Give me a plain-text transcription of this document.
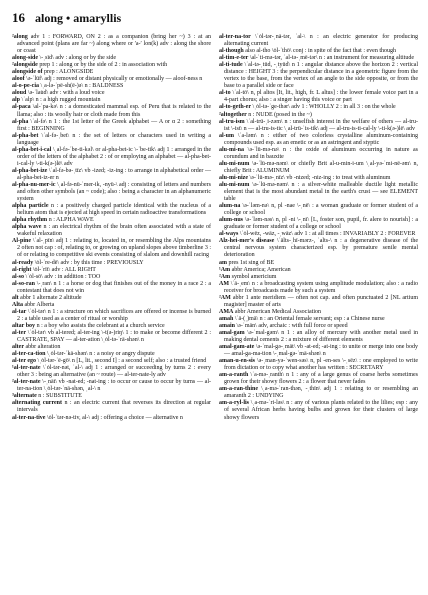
16 along • amaryllis

²along adv 1 : FORWARD, ON 2 : as a companion (bring her ~) 3 : at an advanced point (plans are far ~) along where or ʹa-ʹ lon(k) adv : along the shore or coast

along-side \-ˌsīd\ adv : along or by the side

²alongside prep 1 : along or by the side of 2 : in association with

alongside of prep : ALONGSIDE

aloof \ə-ˈlüf\ adj : removed or distant physically or emotionally — aloof-ness n

al-o-pe-cia \ˌa-lə-ˈpē-sh(ē-)ə\ n : BALDNESS

aloud \ə-ˈlau̇d\ adv : with a loud voice

alp \ˈalp\ n : a high rugged mountain

al-paca \al-ˈpa-kə\ n : a domesticated mammal esp. of Peru that is related to the llama; also : its woolly hair or cloth made from this

al-pha \ˈal-fə\ n 1 : the 1st letter of the Greek alphabet — A or α 2 : something first : BEGINNING

al-pha-bet \ˈal-fə-ˌbet\ n : the set of letters or characters used in writing a language

al-pha-bet-i-cal \ˌal-fə-ˈbe-ti-kəl\ or al-pha-bet-ic \-ˈbe-tik\ adj 1 : arranged in the order of the letters of the alphabet 2 : of or employing an alphabet — al-pha-bet-i-cal-ly \-ti-k(ə-)lē\ adv

al-pha-bet-ize \ˈal-fə-bə-ˌtīz\ vb -ized; -iz-ing : to arrange in alphabetical order — al-pha-bet-iz-er n

al-pha-nu-mer-ic \ˌal-fə-nü-ˈmer-ik, -nyü-\ adj : consisting of letters and numbers and often other symbols (an ~ code); also : being a character in an alphanumeric system

alpha particle n : a positively charged particle identical with the nucleus of a helium atom that is ejected at high speed in certain radioactive transformations

alpha rhythm n : ALPHA WAVE

alpha wave n : an electrical rhythm of the brain often associated with a state of wakeful relaxation

Al-pine \ˈal-ˌpīn\ adj 1 : relating to, located in, or resembling the Alps mountains 2 often not cap : of, relating to, or growing on upland slopes above timberline 3 : of or relating to competitive ski events consisting of slalom and downhill racing

al-ready \ȯl-ˈre-dē\ adv : by this time : PREVIOUSLY

al-right \ȯl-ˈrīt\ adv : ALL RIGHT

al-so \ˈȯl-sō\ adv : in addition : TOO

al-so-ran \-ˌran\ n 1 : a horse or dog that finishes out of the money in a race 2 : a contestant that does not win

alt abbr 1 alternate 2 altitude

Alta abbr Alberta

al-tar \ˈȯl-tər\ n 1 : a structure on which sacrifices are offered or incense is burned 2 : a table used as a center of ritual or worship

altar boy n : a boy who assists the celebrant at a church service

al-ter \ˈȯl-tər\ vb al-tered; al-ter-ing \-t(ə-)riŋ\ 1 : to make or become different 2 : CASTRATE, SPAY — al-ter-ation \ˌȯl-tə-ˈrā-shən\ n

alter abbr alteration

al-ter-ca-tion \ˌȯl-tər-ˈkā-shən\ n : a noisy or angry dispute

al-ter ego \ˌȯl-tər-ˈē-gō\ n [L, lit., second I] : a second self; also : a trusted friend

¹al-ter-nate \ˈȯl-tər-nət, ˈal-\ adj 1 : arranged or succeeding by turns 2 : every other 3 : being an alternative (an ~ route) — al-ter-nate-ly adv

²al-ter-nate \-ˌnāt\ vb -nat-ed; -nat-ing : to occur or cause to occur by turns — al-ter-na-tion \ˌȯl-tər-ˈnā-shən, ˌal-\ n

³alternate n : SUBSTITUTE

alternating current n : an electric current that reverses its direction at regular intervals

al-ter-na-tive \ȯl-ˈtər-nə-tiv, al-\ adj : offering a choice — alternative n

al-ter-na-tor \ˈȯl-tər-ˌnā-tər, ˈal-\ n : an electric generator for producing alternating current

al-though also al-tho \ȯl-ˈthō\ conj : in spite of the fact that : even though

al-tim-e-ter \al-ˈti-mə-tər, ˈal-tə-ˌmē-tər\ n : an instrument for measuring altitude

al-ti-tude \ˈal-tə-ˌtüd, -ˌtyüd\ n 1 : angular distance above the horizon 2 : vertical distance : HEIGHT 3 : the perpendicular distance in a geometric figure from the vertex to the base, from the vertex of an angle to the side opposite, or from the base to a parallel side or face

al-to \ˈal-tō\ n, pl altos [It, lit., high, fr. L altus] : the lower female voice part in a 4-part chorus; also : a singer having this voice or part

al-to-geth-er \ˌȯl-tə-ˈge-thər\ adv 1 : WHOLLY 2 : in all 3 : on the whole

²altogether n : NUDE (posed in the ~)

al-tru-ism \ˈal-trü-ˌi-zəm\ n : unselfish interest in the welfare of others — al-tru-ist \-ist\ n — al-tru-is-tic \ˌal-trü-ˈis-tik\ adj — al-tru-is-ti-cal-ly \-ti-k(ə-)lē\ adv

al-um \ˈa-ləm\ n : either of two colorless crystalline aluminum-containing compounds used esp. as an emetic or as an astringent and styptic

alu-mi-na \ə-ˈlü-mə-nə\ n : the oxide of aluminum occurring in nature as corundum and in bauxite

alu-mi-num \ə-ˈlü-mə-nəm\ or chiefly Brit al-u-min-i-um \ˌal-yə-ˈmi-nē-əm\ n, chiefly Brit : ALUMINUM

alu-mi-nize \ə-ˈlü-mə-ˌnīz\ vb -nized; -niz-ing : to treat with aluminum

alu-mi-num \ə-ˈlü-mə-nəm\ n : a silver-white malleable ductile light metallic element that is the most abundant metal in the earth's crust — see ELEMENT table

alum-na \ə-ˈləm-nə\ n, pl -nae \-ˌnē\ : a woman graduate or former student of a college or school

alum-nus \ə-ˈləm-nəs\ n, pl -ni \-ˌnī\ [L, foster son, pupil, fr. alere to nourish] : a graduate or former student of a college or school

al-ways \ˈȯl-wēz, -wāz, -ˌwāz\ adv 1 : at all times : INVARIABLY 2 : FOREVER

Alz-hei-mer's disease \ˈälts-ˌhī-mərz-, ˈalts-\ n : a degenerative disease of the central nervous system characterized esp. by premature senile mental deterioration

am pres 1st sing of BE

¹Am abbr America; American

²Am symbol americium

AM \ˈā-ˌem\ n : a broadcasting system using amplitude modulation; also : a radio receiver for broadcasts made by such a system

²AM abbr 1 ante meridiem — often not cap. and often punctuated 2 [NL artium magister] master of arts

AMA abbr American Medical Association

amah \ˈä-(ˌ)mä\ n : an Oriental female servant; esp : a Chinese nurse

amain \ə-ˈmān\ adv, archaic : with full force or speed

amal-gam \ə-ˈmal-gəm\ n 1 : an alloy of mercury with another metal used in making dental cements 2 : a mixture of different elements

amal-gam-ate \ə-ˈmal-gə-ˌmāt\ vb -at-ed; -at-ing : to unite or merge into one body — amal-ga-ma-tion \-ˌmal-gə-ˈmā-shən\ n

aman-u-en-sis \ə-ˌman-yə-ˈwen-səs\ n, pl -en-ses \-ˌsēz\ : one employed to write from dictation or to copy what another has written : SECRETARY

am-a-ranth \ˈa-mə-ˌranth\ n 1 : any of a large genus of coarse herbs sometimes grown for their showy flowers 2 : a flower that never fades

am-a-ran-thine \ˌa-mə-ˈran-thən, -ˌthīn\ adj 1 : relating to or resembling an amaranth 2 : UNDYING

am-a-ryl-lis \ˌa-mə-ˈri-ləs\ n : any of various plants related to the lilies; esp : any of several African herbs having bulbs and grown for their clusters of large showy flowers
